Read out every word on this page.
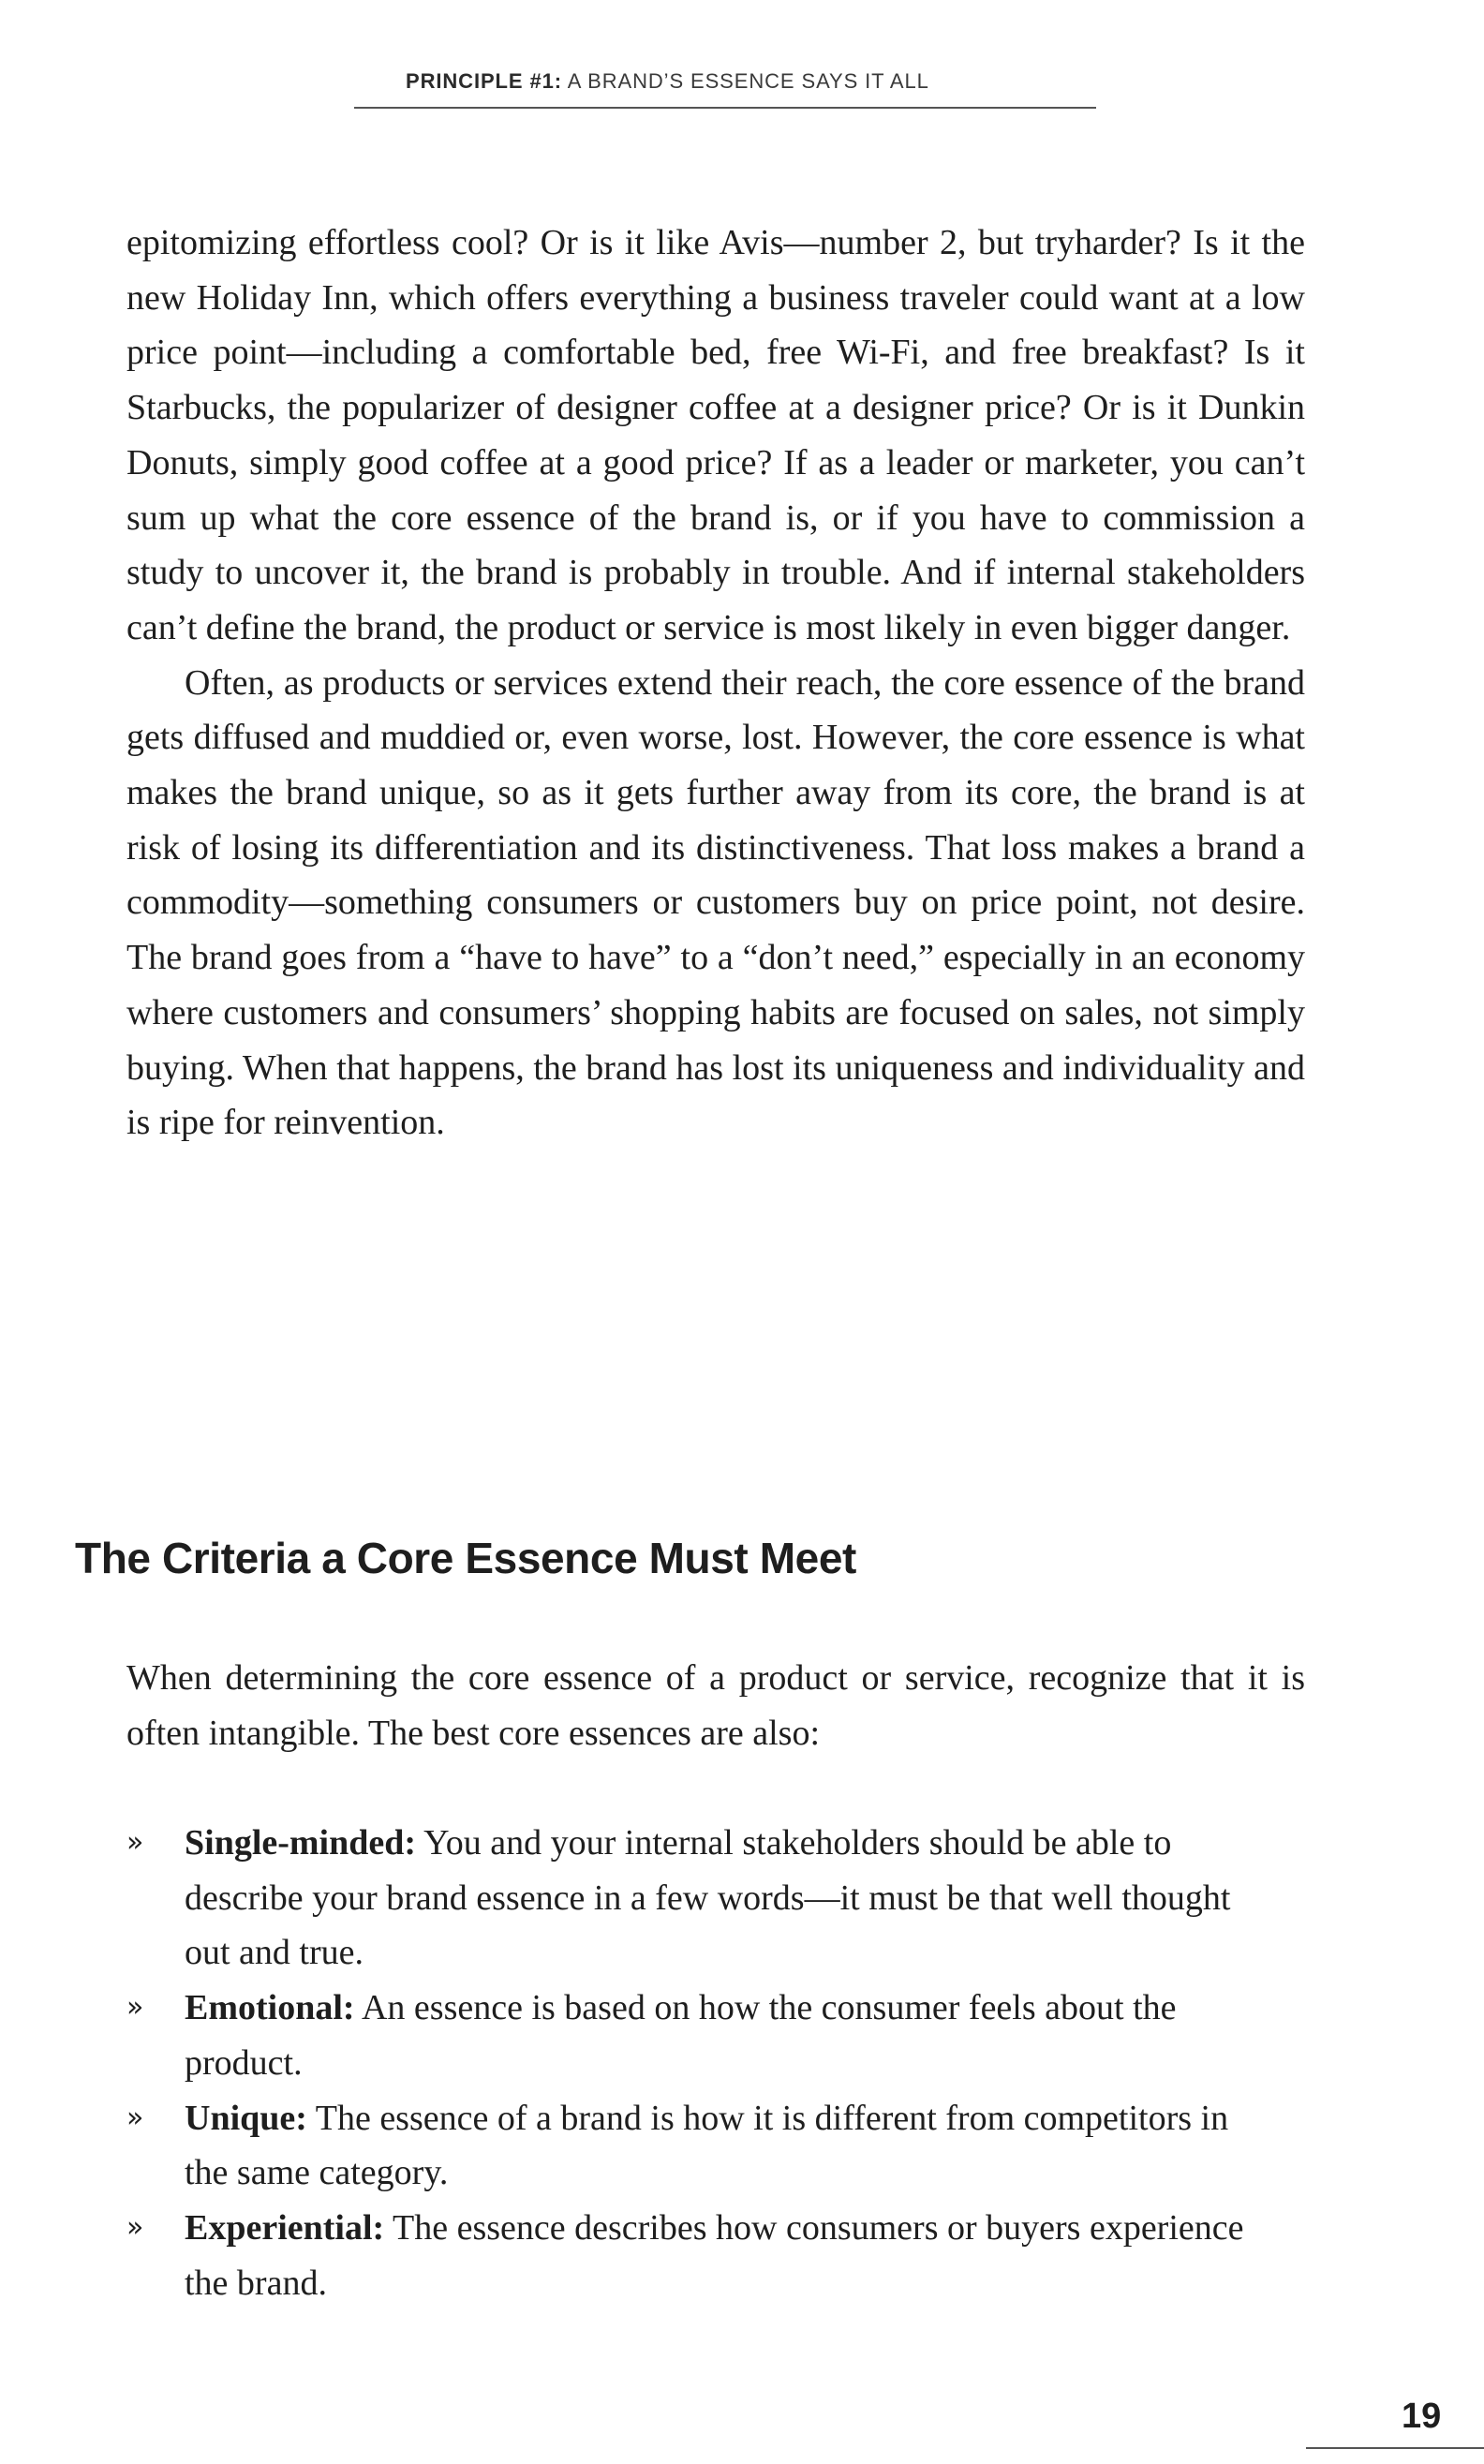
PRINCIPLE #1: A BRAND’S ESSENCE SAYS IT ALL

epitomizing effortless cool? Or is it like Avis—number 2, but tryharder? Is it the new Holiday Inn, which offers everything a business traveler could want at a low price point—including a comfortable bed, free Wi-Fi, and free breakfast? Is it Starbucks, the popularizer of designer coffee at a designer price? Or is it Dunkin Donuts, simply good coffee at a good price? If as a leader or marketer, you can’t sum up what the core essence of the brand is, or if you have to commission a study to uncover it, the brand is probably in trouble. And if internal stakeholders can’t define the brand, the product or service is most likely in even bigger danger.

Often, as products or services extend their reach, the core essence of the brand gets diffused and muddied or, even worse, lost. However, the core essence is what makes the brand unique, so as it gets further away from its core, the brand is at risk of losing its differentiation and its distinctiveness. That loss makes a brand a commodity—something consumers or customers buy on price point, not desire. The brand goes from a “have to have” to a “don’t need,” especially in an economy where customers and consumers’ shopping habits are focused on sales, not simply buying. When that happens, the brand has lost its uniqueness and individuality and is ripe for reinvention.

The Criteria a Core Essence Must Meet

When determining the core essence of a product or service, recognize that it is often intangible. The best core essences are also:

» Single-minded: You and your internal stakeholders should be able to describe your brand essence in a few words—it must be that well thought out and true.
» Emotional: An essence is based on how the consumer feels about the product.
» Unique: The essence of a brand is how it is different from competitors in the same category.
» Experiential: The essence describes how consumers or buyers experience the brand.
19
